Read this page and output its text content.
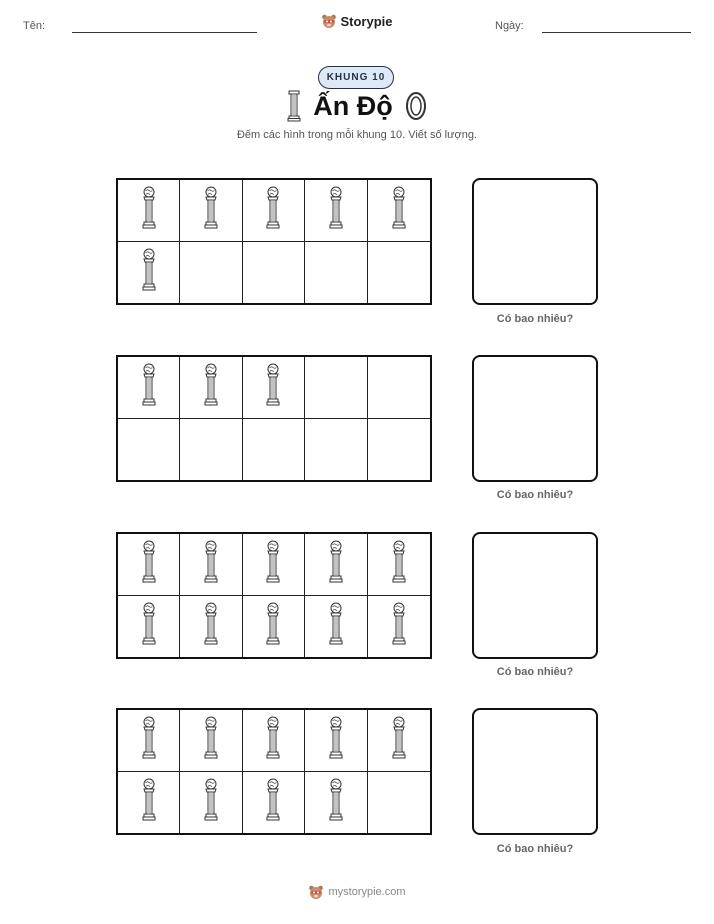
Tên:	Storypie	Ngày:
KHUNG 10
Ấn Độ
Đếm các hình trong mỗi khung 10. Viết số lượng.
Có bao nhiêu?
Có bao nhiêu?
Có bao nhiêu?
Có bao nhiêu?
mystorypie.com
